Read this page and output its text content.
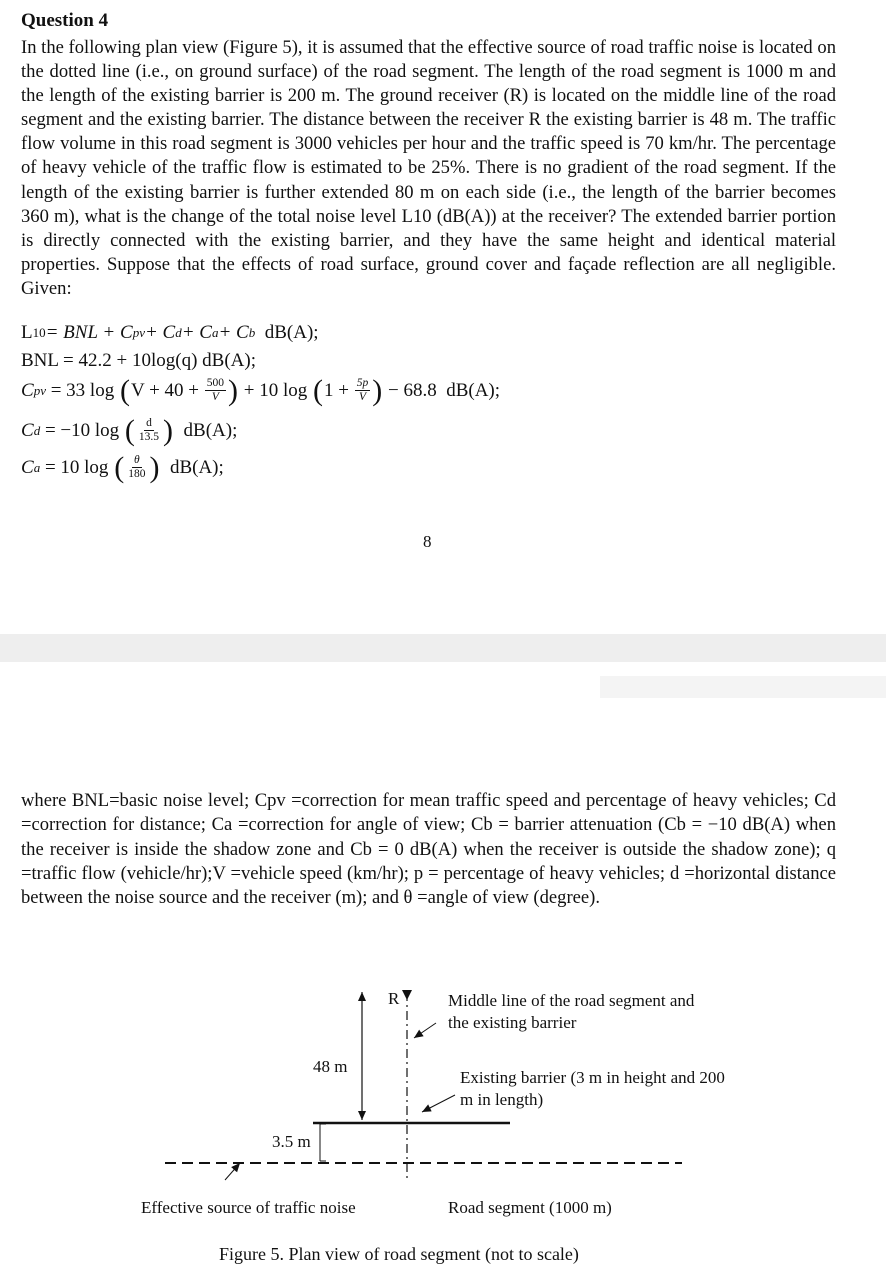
Question 4
In the following plan view (Figure 5), it is assumed that the effective source of road traffic noise is located on the dotted line (i.e., on ground surface) of the road segment. The length of the road segment is 1000 m and the length of the existing barrier is 200 m. The ground receiver (R) is located on the middle line of the road segment and the existing barrier. The distance between the receiver R the existing barrier is 48 m. The traffic flow volume in this road segment is 3000 vehicles per hour and the traffic speed is 70 km/hr. The percentage of heavy vehicle of the traffic flow is estimated to be 25%. There is no gradient of the road segment. If the length of the existing barrier is further extended 80 m on each side (i.e., the length of the barrier becomes 360 m), what is the change of the total noise level L10 (dB(A)) at the receiver? The extended barrier portion is directly connected with the existing barrier, and they have the same height and identical material properties. Suppose that the effects of road surface, ground cover and façade reflection are all negligible. Given:
L 10 = BNL + C pv + C d + C a + C b dB(A);
BNL = 42.2 + 10log(q) dB(A);
C pv = 33 log ( $V + 40 + \frac{500}{V}$ ) + 10 log ( $1 + \frac{5p}{V}$ ) − 68.8  dB(A);
C d = −10 log ( $\frac{d}{13.5}$ ) dB(A);
C a = 10 log ( $\frac{\theta}{180}$ ) dB(A);
8
where BNL=basic noise level; Cpv =correction for mean traffic speed and percentage of heavy vehicles; Cd =correction for distance; Ca =correction for angle of view; Cb = barrier attenuation (Cb = −10 dB(A) when the receiver is inside the shadow zone and Cb = 0 dB(A) when the receiver is outside the shadow zone); q =traffic flow (vehicle/hr);V =vehicle speed (km/hr); p = percentage of heavy vehicles; d =horizontal distance between the noise source and the receiver (m); and θ =angle of view (degree).
R
48 m
3.5 m
Middle line of the road segment and the existing barrier
Existing barrier (3 m in height and 200 m in length)
Effective source of traffic noise	Road segment (1000 m)
Figure 5. Plan view of road segment (not to scale)
